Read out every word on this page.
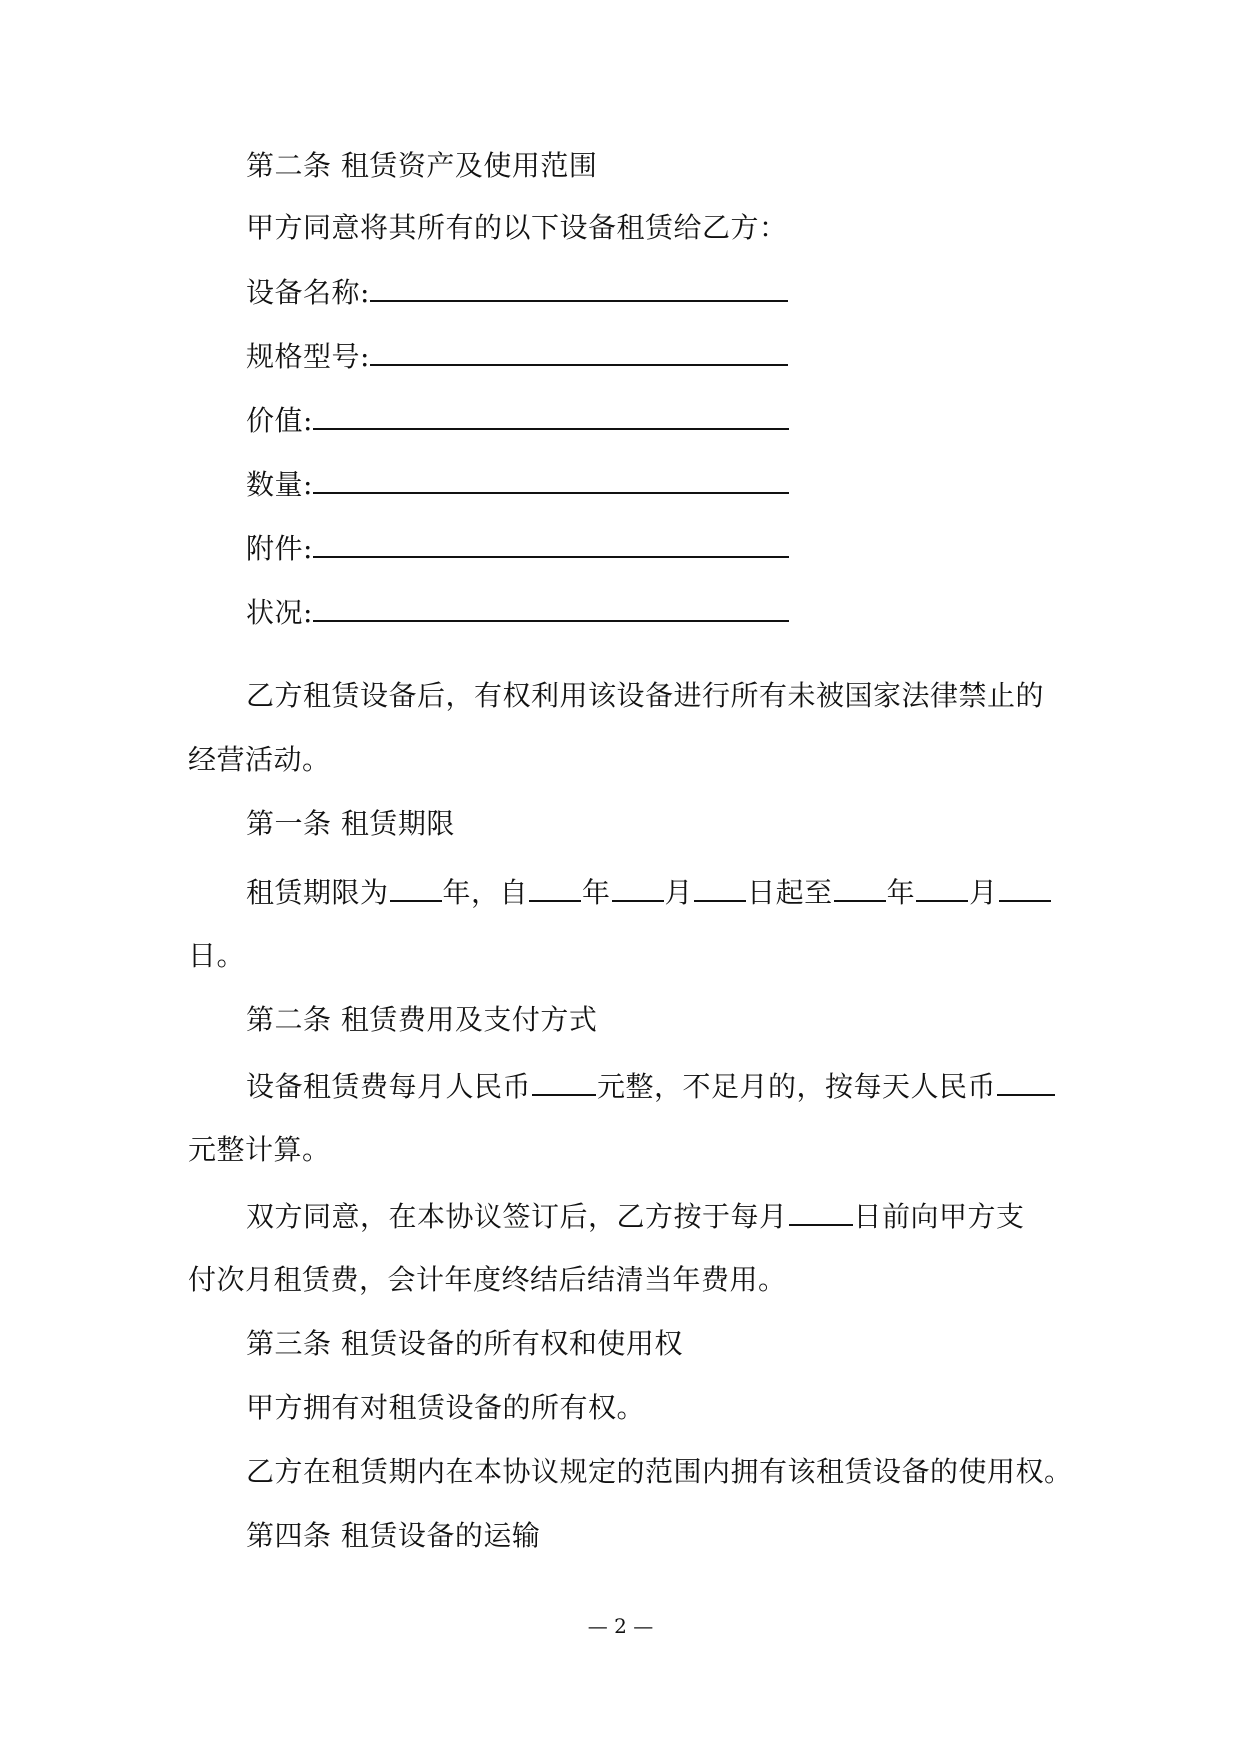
第二条 租赁资产及使用范围
甲方同意将其所有的以下设备租赁给乙方：
设备名称:
规格型号:
价值:
数量:
附件:
状况:
乙方租赁设备后，有权利用该设备进行所有未被国家法律禁止的
经营活动。
第一条 租赁期限
租赁期限为 年，自 年 月 日起至 年 月
日。
第二条 租赁费用及支付方式
设备租赁费每月人民币 元整，不足月的，按每天人民币
元整计算。
双方同意，在本协议签订后，乙方按于每月 日前向甲方支
付次月租赁费，会计年度终结后结清当年费用。
第三条 租赁设备的所有权和使用权
甲方拥有对租赁设备的所有权。
乙方在租赁期内在本协议规定的范围内拥有该租赁设备的使用权。
第四条 租赁设备的运输
— 2 —
